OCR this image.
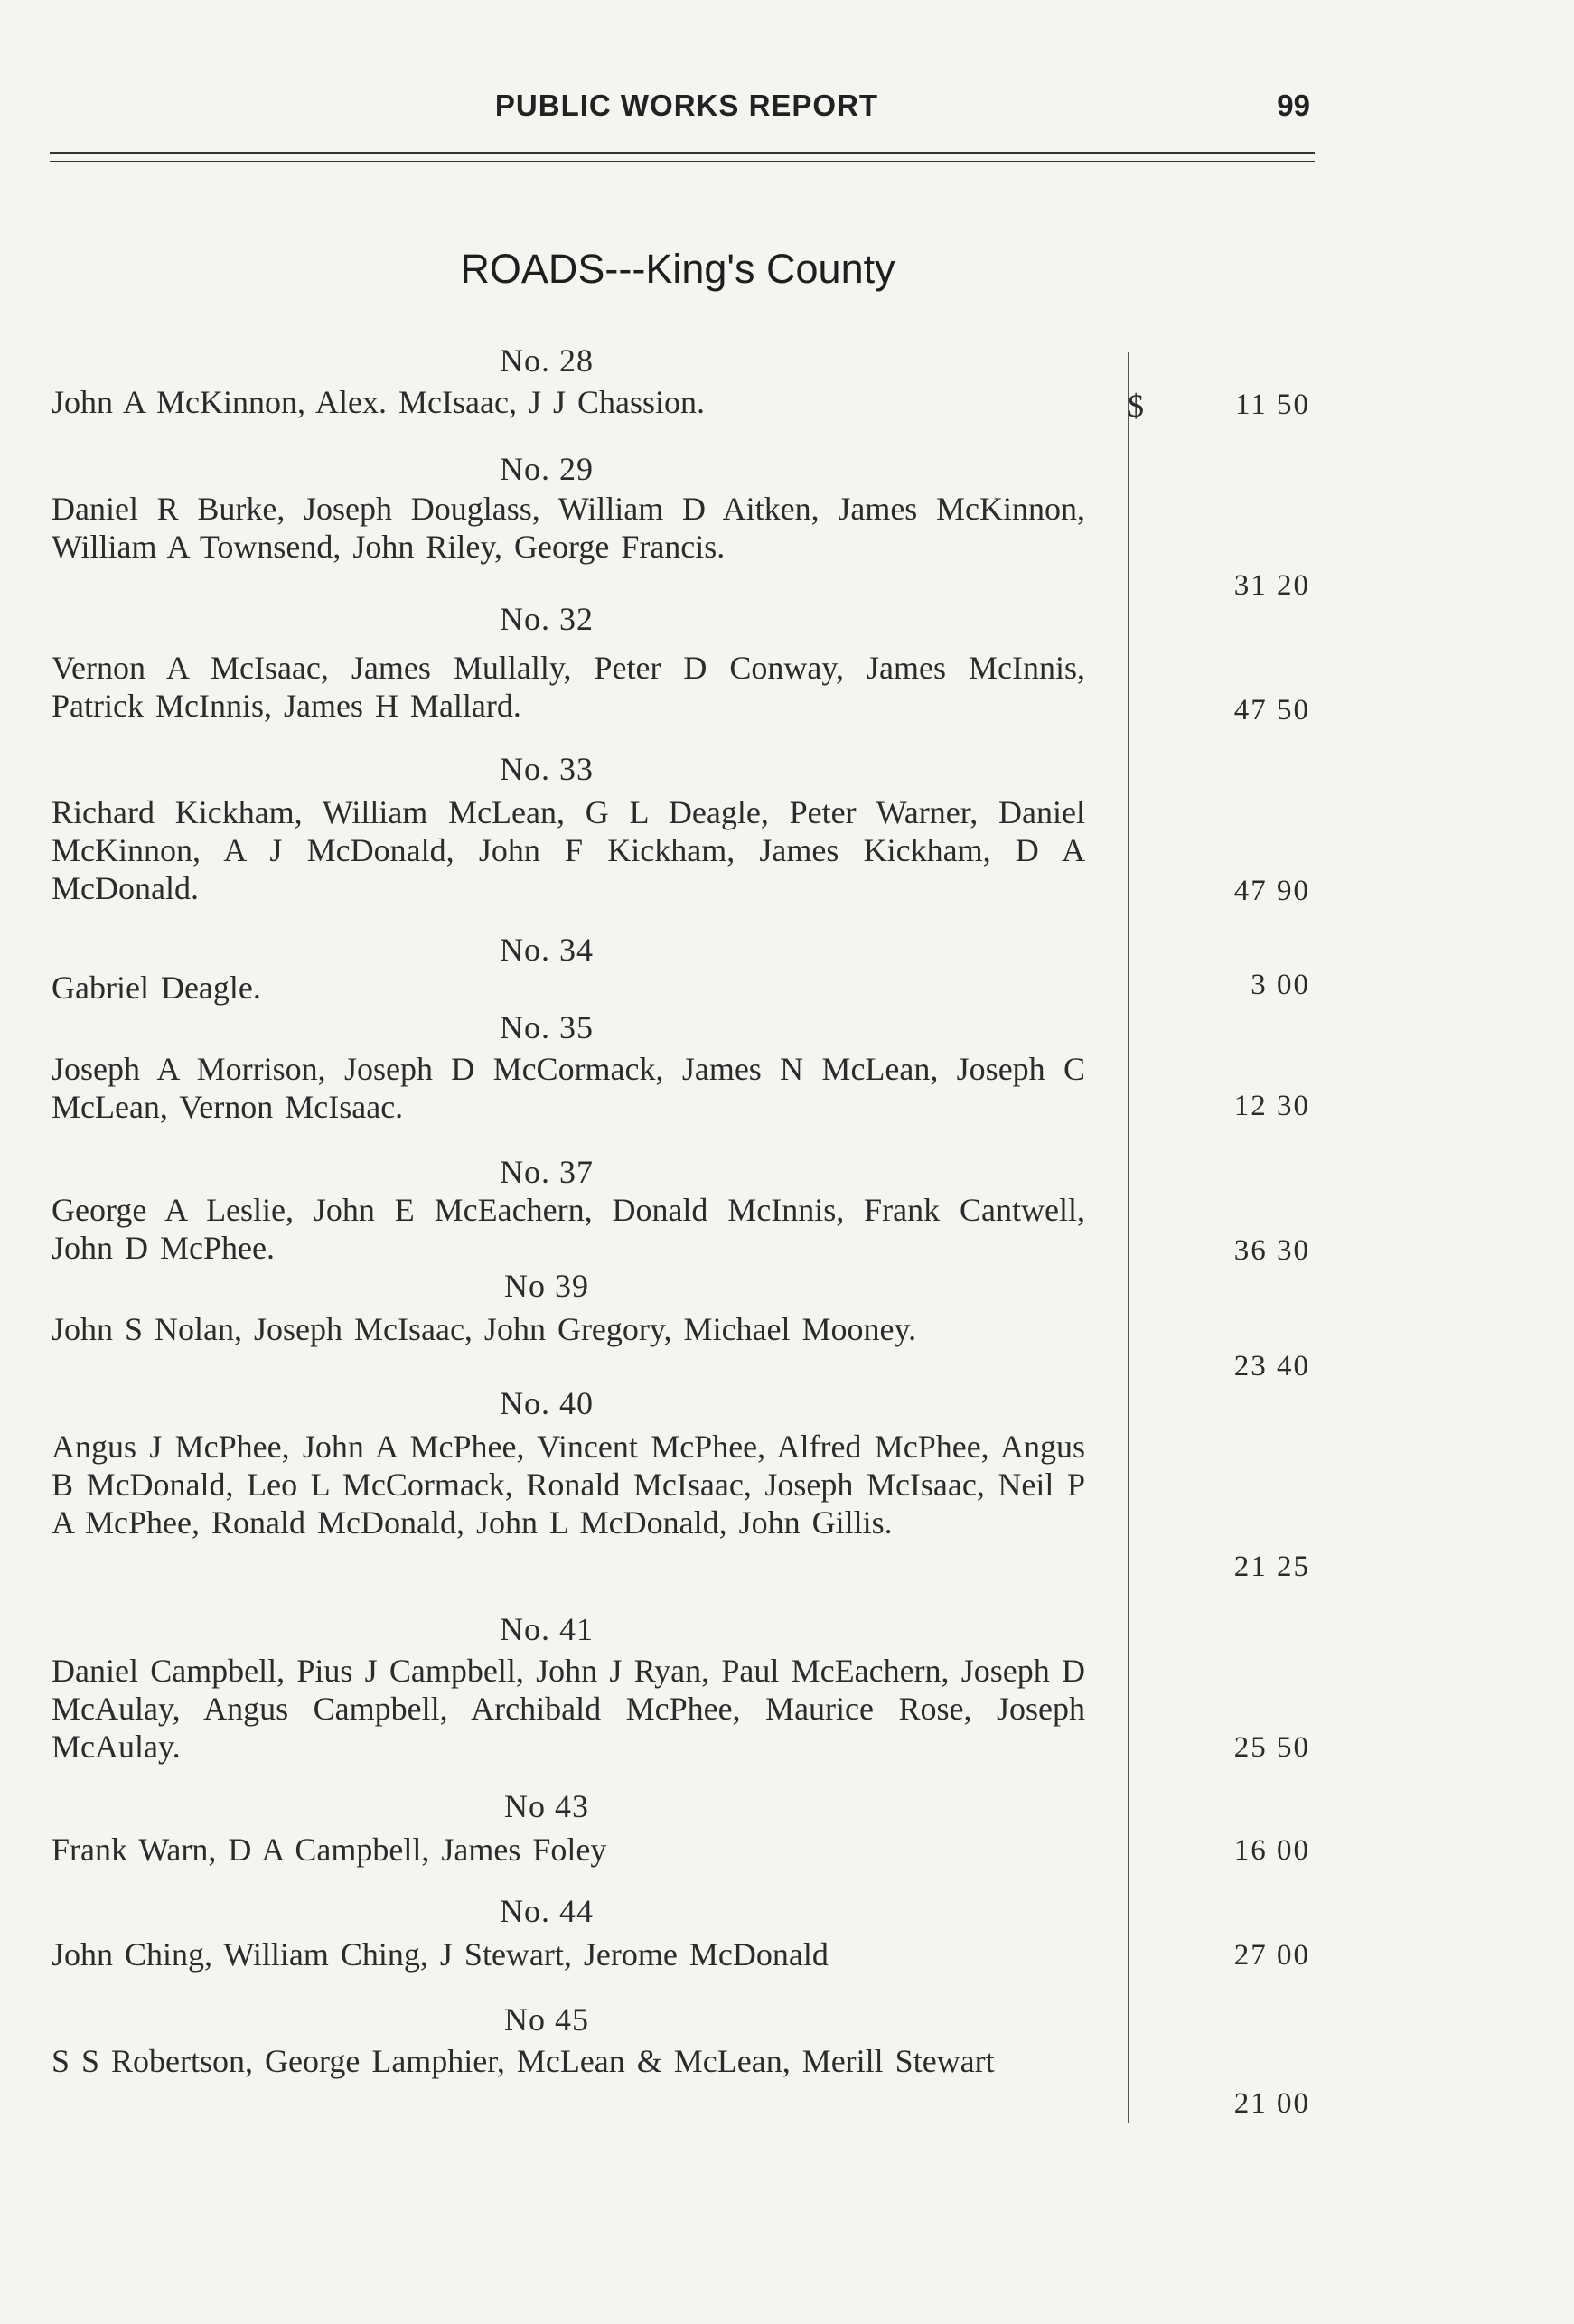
PUBLIC WORKS REPORT	99
ROADS---King's County
$
No. 28
John A McKinnon, Alex. McIsaac, J J Chassion.	11 50
No. 29
Daniel R Burke, Joseph Douglass, William D Aitken, James McKinnon, William A Townsend, John Riley, George Francis.
31 20
No. 32
Vernon A McIsaac, James Mullally, Peter D Conway, James McInnis, Patrick McInnis, James H Mallard.	47 50
No. 33
Richard Kickham, William McLean, G L Deagle, Peter Warner, Daniel McKinnon, A J McDonald, John F Kickham, James Kickham, D A McDonald.	47 90
No. 34
Gabriel Deagle.	3 00
No. 35
Joseph A Morrison, Joseph D McCormack, James N McLean, Joseph C McLean, Vernon McIsaac.	12 30
No. 37
George A Leslie, John E McEachern, Donald McInnis, Frank Cantwell, John D McPhee.	36 30
No 39
John S Nolan, Joseph McIsaac, John Gregory, Michael Mooney.
23 40
No. 40
Angus J McPhee, John A McPhee, Vincent McPhee, Alfred McPhee, Angus B McDonald, Leo L McCormack, Ronald McIsaac, Joseph McIsaac, Neil P A McPhee, Ronald McDonald, John L McDonald, John Gillis.
21 25
No. 41
Daniel Campbell, Pius J Campbell, John J Ryan, Paul McEachern, Joseph D McAulay, Angus Campbell, Archibald McPhee, Maurice Rose, Joseph McAulay.	25 50
No 43
Frank Warn, D A Campbell, James Foley	16 00
No. 44
John Ching, William Ching, J Stewart, Jerome McDonald	27 00
No 45
S S Robertson, George Lamphier, McLean & McLean, Merill Stewart
21 00
